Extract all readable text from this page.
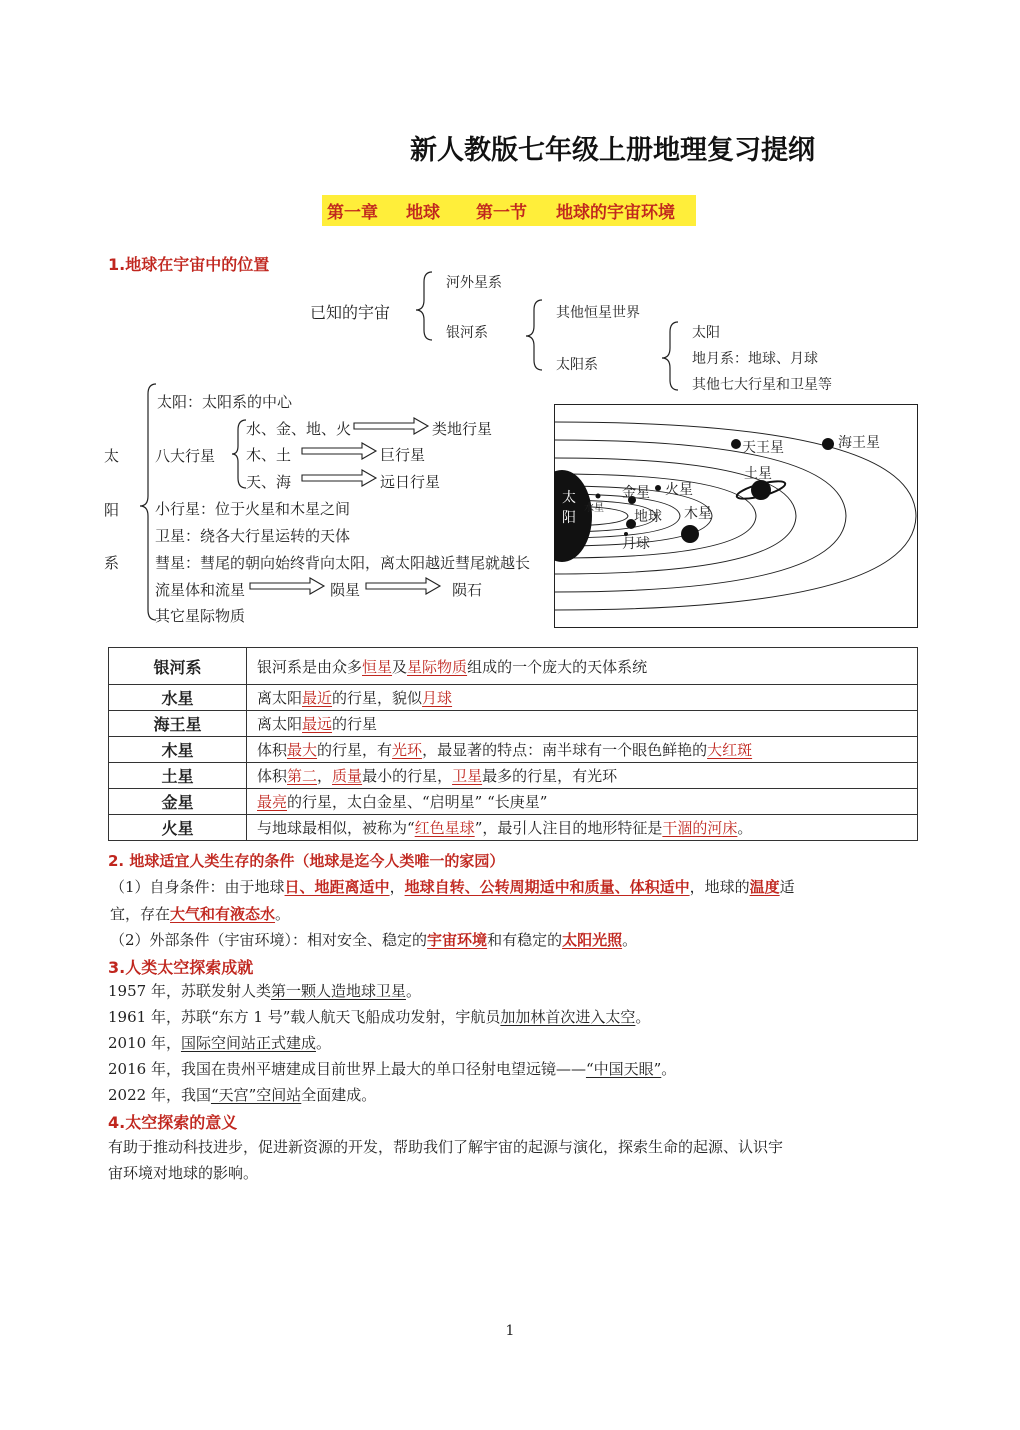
新人教版七年级上册地理复习提纲
第一章 地球 第一节 地球的宇宙环境
1.地球在宇宙中的位置
已知的宇宙
河外星系
银河系
其他恒星世界
太阳系
太阳
地月系：地球、月球
其他七大行星和卫星等
太
阳
系
太阳：太阳系的中心
八大行星
水、金、地、火	类地行星
木、土	巨行星
天、海	远日行星
小行星：位于火星和木星之间
卫星：绕各大行星运转的天体
彗星：彗尾的朝向始终背向太阳，离太阳越近彗尾就越长
流星体和流星	陨星	陨石
其它星际物质
太
阳
水星
金星
地球
月球
火星
木星
土星
天王星	海王星
银河系	银河系是由众多恒星及星际物质组成的一个庞大的天体系统
水星	离太阳最近的行星，貌似月球
海王星	离太阳最远的行星
木星	体积最大的行星，有光环，最显著的特点：南半球有一个眼色鲜艳的大红斑
土星	体积第二，质量最小的行星，卫星最多的行星，有光环
金星	最亮的行星，太白金星、“启明星” “长庚星”
火星	与地球最相似，被称为“红色星球”，最引人注目的地形特征是干涸的河床。
2. 地球适宜人类生存的条件（地球是迄今人类唯一的家园）
（1）自身条件：由于地球日、地距离适中，地球自转、公转周期适中和质量、体积适中，地球的温度适
宜，存在大气和有液态水。
（2）外部条件（宇宙环境）：相对安全、稳定的宇宙环境和有稳定的太阳光照。
3.人类太空探索成就
1957 年，苏联发射人类第一颗人造地球卫星。
1961 年，苏联“东方 1 号”载人航天飞船成功发射，宇航员加加林首次进入太空。
2010 年，国际空间站正式建成。
2016 年，我国在贵州平塘建成目前世界上最大的单口径射电望远镜——“中国天眼”。
2022 年，我国“天宫”空间站全面建成。
4.太空探索的意义
有助于推动科技进步，促进新资源的开发，帮助我们了解宇宙的起源与演化，探索生命的起源、认识宇
宙环境对地球的影响。
1
